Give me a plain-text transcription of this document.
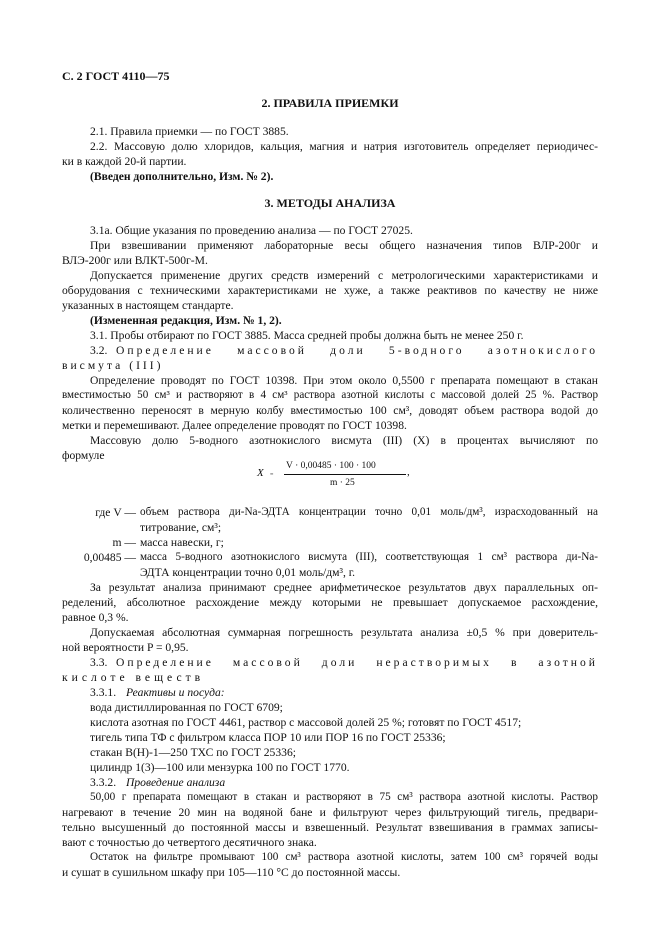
С. 2 ГОСТ 4110—75
2. ПРАВИЛА ПРИЕМКИ
2.1. Правила приемки — по ГОСТ 3885.
2.2. Массовую долю хлоридов, кальция, магния и натрия изготовитель определяет периодичес-
ки в каждой 20-й партии.
(Введен дополнительно, Изм. № 2).
3. МЕТОДЫ АНАЛИЗА
3.1а. Общие указания по проведению анализа — по ГОСТ 27025.
При взвешивании применяют лабораторные весы общего назначения типов ВЛР-200г и
ВЛЭ-200г или ВЛКТ-500г-М.
Допускается применение других средств измерений с метрологическими характеристиками и
оборудования с техническими характеристиками не хуже, а также реактивов по качеству не ниже
указанных в настоящем стандарте.
(Измененная редакция, Изм. № 1, 2).
3.1. Пробы отбирают по ГОСТ 3885. Масса средней пробы должна быть не менее 250 г.
3.2. Определение массовой доли 5-водного азотнокислого
висмута (III)
Определение проводят по ГОСТ 10398. При этом около 0,5500 г препарата помещают в стакан
вместимостью 50 см³ и растворяют в 4 см³ раствора азотной кислоты с массовой долей 25 %. Раствор
количественно переносят в мерную колбу вместимостью 100 см³, доводят объем раствора водой до
метки и перемешивают. Далее определение проводят по ГОСТ 10398.
Массовую долю 5-водного азотнокислого висмута (III) (X) в процентах вычисляют по
формуле
X =
V · 0,00485 · 100 · 100
m · 25
,
где V — объем раствора ди-Na-ЭДТА концентрации точно 0,01 моль/дм³, израсходованный на
титрование, см³;
m — масса навески, г;
0,00485 — масса 5-водного азотнокислого висмута (III), соответствующая 1 см³ раствора ди-Na-
ЭДТА концентрации точно 0,01 моль/дм³, г.
За результат анализа принимают среднее арифметическое результатов двух параллельных оп-
ределений, абсолютное расхождение между которыми не превышает допускаемое расхождение,
равное 0,3 %.
Допускаемая абсолютная суммарная погрешность результата анализа ±0,5 % при доверитель-
ной вероятности P = 0,95.
3.3. Определение массовой доли нерастворимых в азотной
кислоте веществ
3.3.1. Реактивы и посуда:
вода дистиллированная по ГОСТ 6709;
кислота азотная по ГОСТ 4461, раствор с массовой долей 25 %; готовят по ГОСТ 4517;
тигель типа ТФ с фильтром класса ПОР 10 или ПОР 16 по ГОСТ 25336;
стакан В(Н)-1—250 ТХС по ГОСТ 25336;
цилиндр 1(3)—100 или мензурка 100 по ГОСТ 1770.
3.3.2. Проведение анализа
50,00 г препарата помещают в стакан и растворяют в 75 см³ раствора азотной кислоты. Раствор
нагревают в течение 20 мин на водяной бане и фильтруют через фильтрующий тигель, предвари-
тельно высушенный до постоянной массы и взвешенный. Результат взвешивания в граммах записы-
вают с точностью до четвертого десятичного знака.
Остаток на фильтре промывают 100 см³ раствора азотной кислоты, затем 100 см³ горячей воды
и сушат в сушильном шкафу при 105—110 °С до постоянной массы.
